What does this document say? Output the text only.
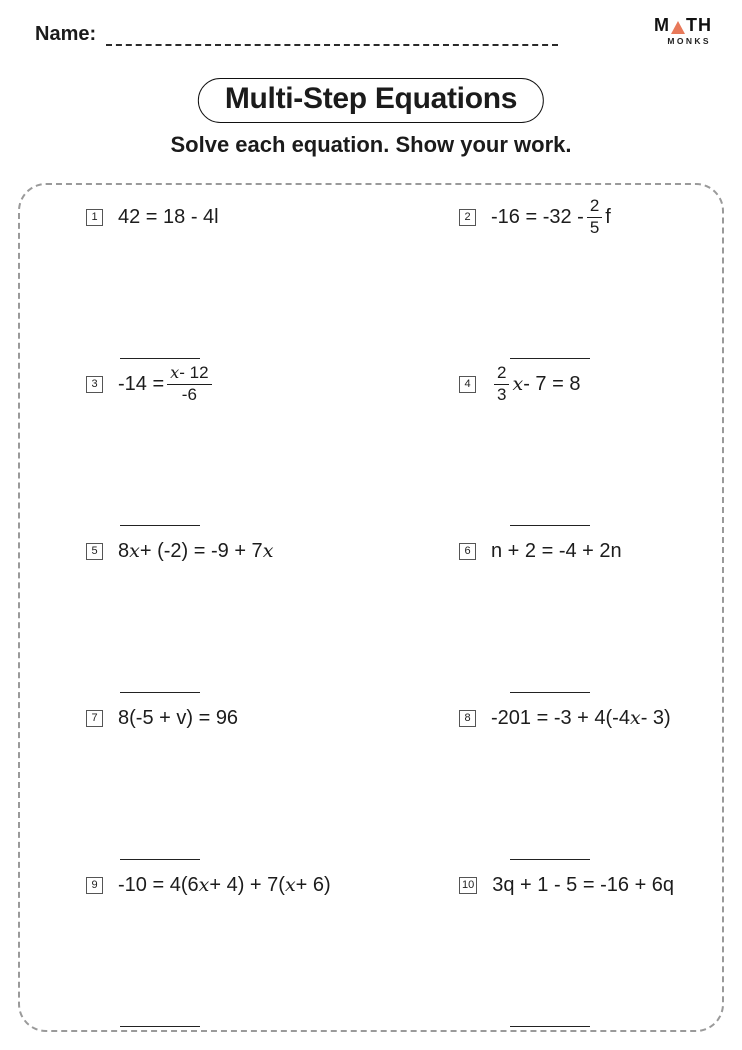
Name:	M TH
MONKS
Multi-Step Equations
Solve each equation. Show your work.
1 42 = 18 - 4l	2 $-16 = -32 - \frac{2}{5}$ f
3 $-14 = \frac{x - 12}{-6}$	4	$\frac{2}{3}$ x - 7 = 8
5 8 x + (-2) = -9 + 7 x	6 n + 2 = -4 + 2n
7 8(-5 + v) = 96	8 -201 = -3 + 4(-4 x - 3)
9 -10 = 4(6 x + 4) + 7( x + 6)	10 3q + 1 - 5 = -16 + 6q
